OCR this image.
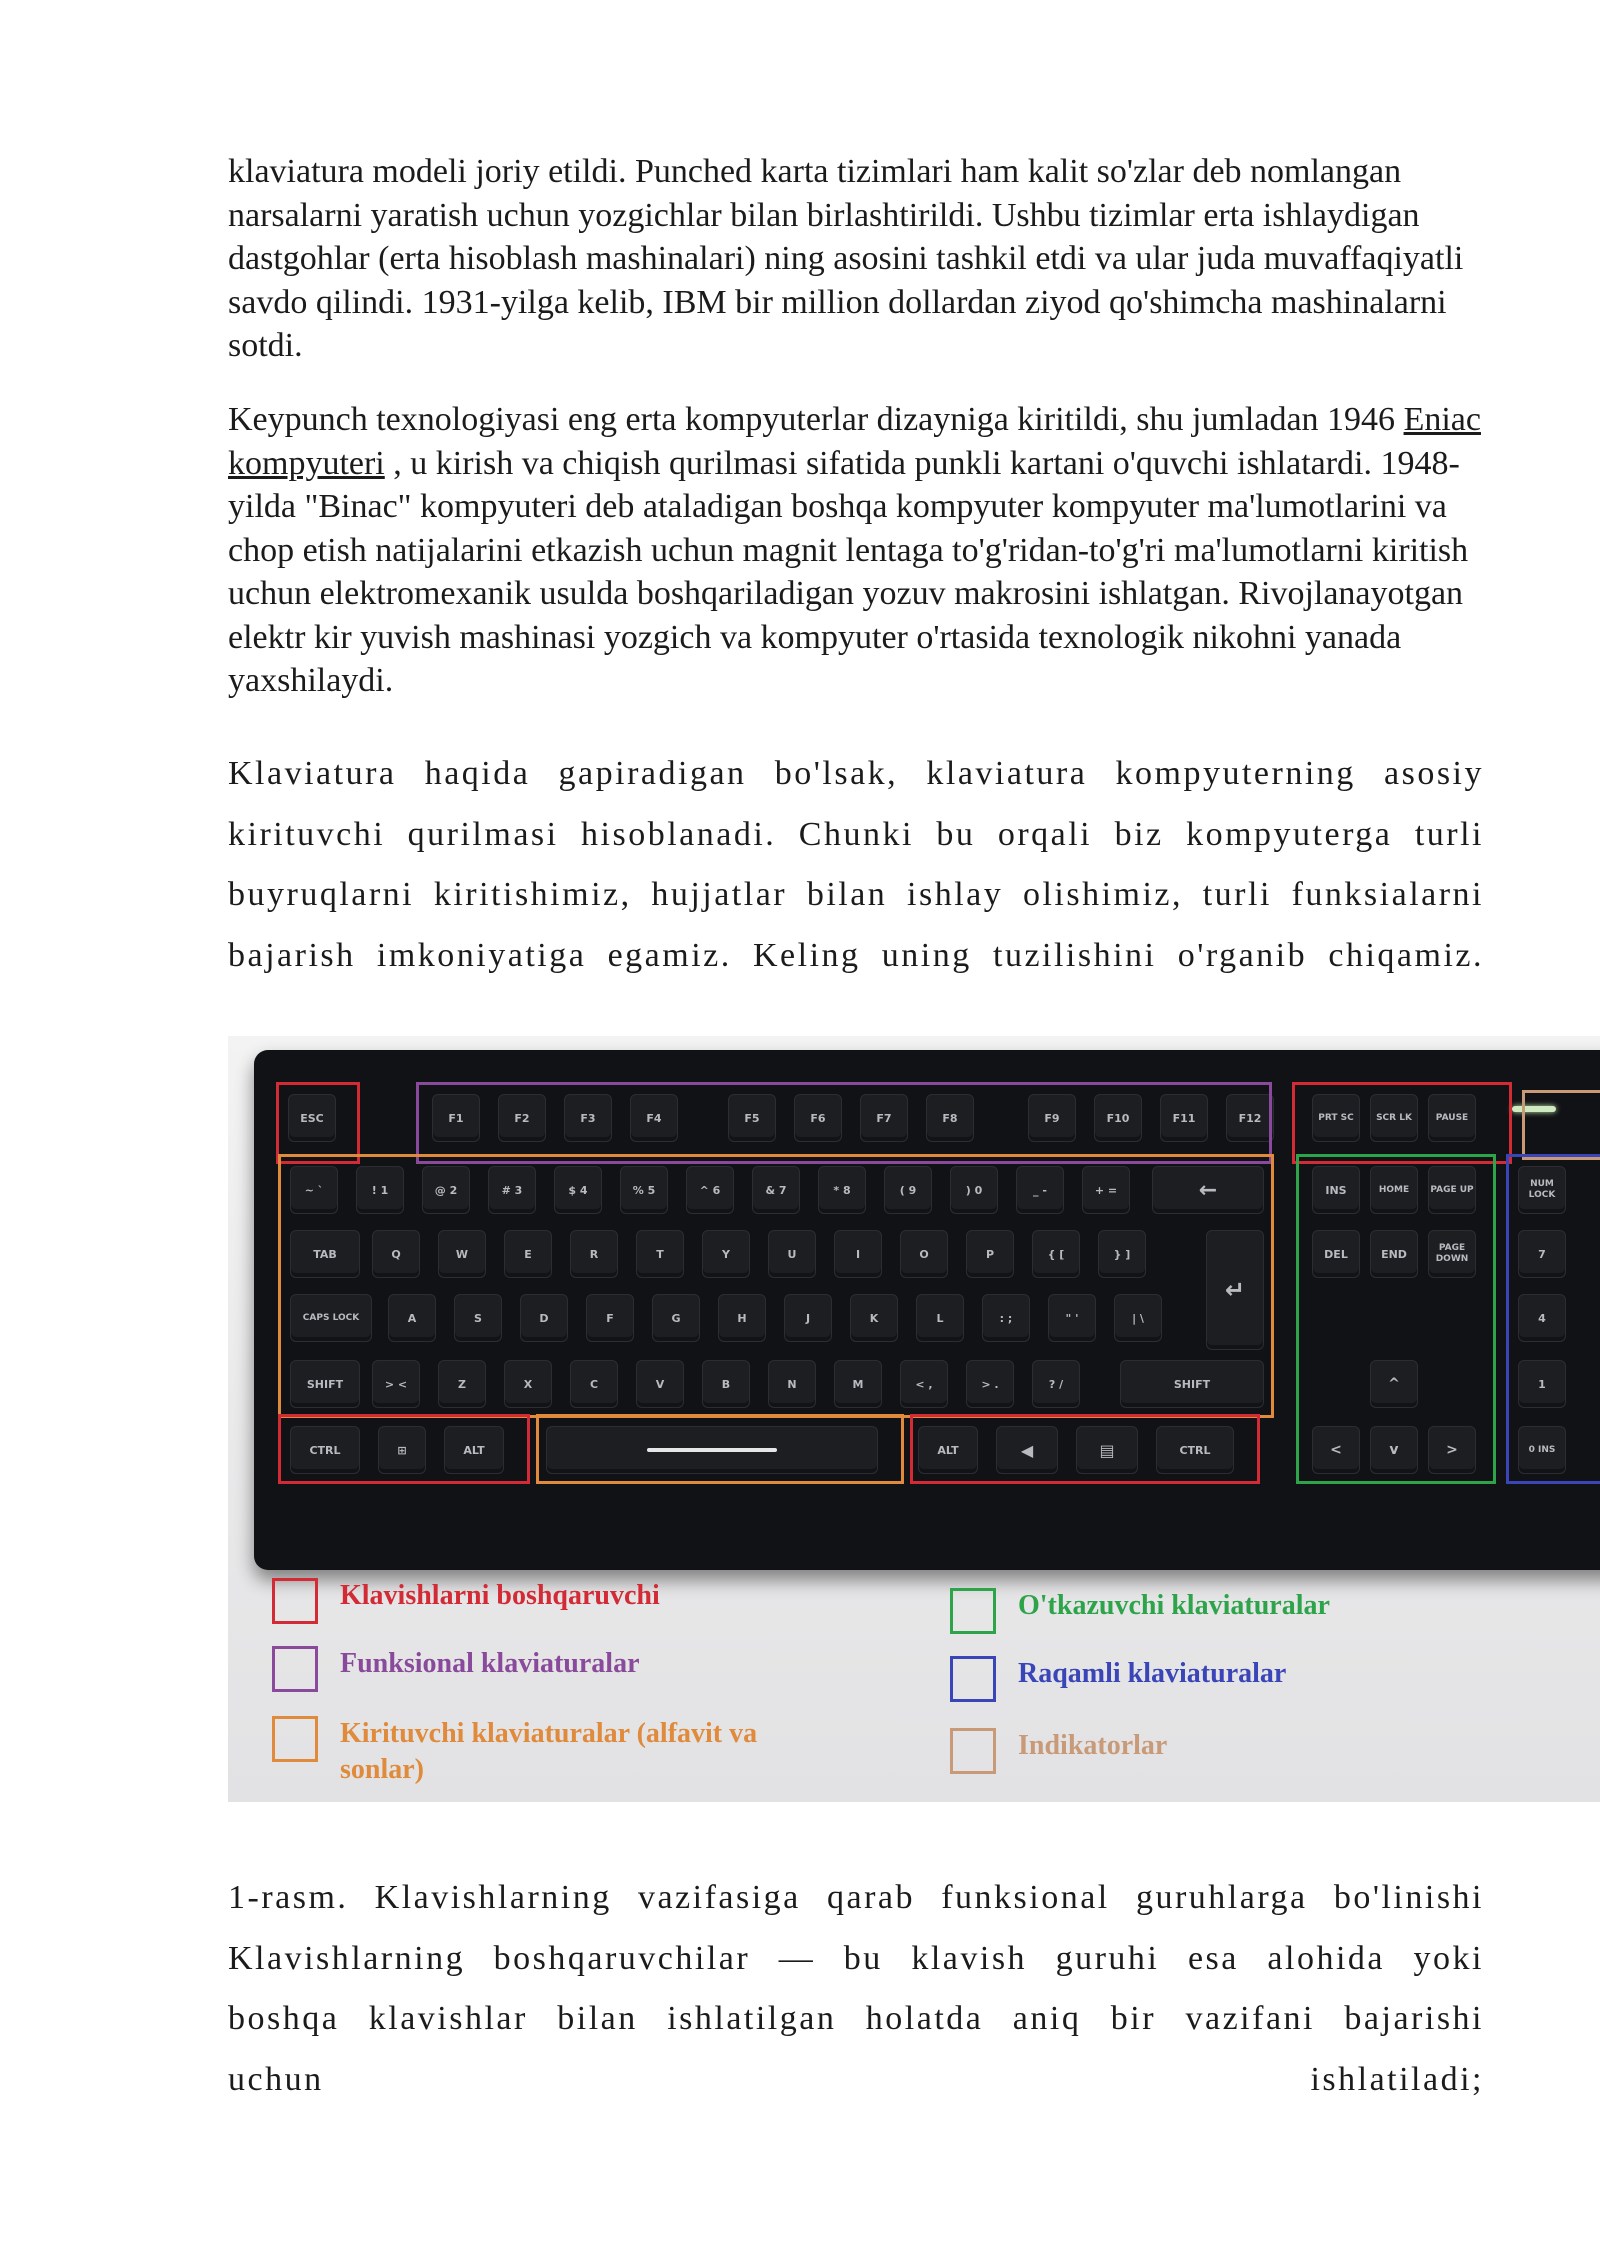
klaviatura modeli joriy etildi. Punched karta tizimlari ham kalit so'zlar deb nomlangan narsalarni yaratish uchun yozgichlar bilan birlashtirildi. Ushbu tizimlar erta ishlaydigan dastgohlar (erta hisoblash mashinalari) ning asosini tashkil etdi va ular juda muvaffaqiyatli savdo qilindi. 1931-yilga kelib, IBM bir million dollardan ziyod qo'shimcha mashinalarni sotdi.

Keypunch texnologiyasi eng erta kompyuterlar dizayniga kiritildi, shu jumladan 1946 Eniac kompyuteri , u kirish va chiqish qurilmasi sifatida punkli kartani o'quvchi ishlatardi. 1948-yilda "Binac" kompyuteri deb ataladigan boshqa kompyuter kompyuter ma'lumotlarini va chop etish natijalarini etkazish uchun magnit lentaga to'g'ridan-to'g'ri ma'lumotlarni kiritish uchun elektromexanik usulda boshqariladigan yozuv makrosini ishlatgan. Rivojlanayotgan elektr kir yuvish mashinasi yozgich va kompyuter o'rtasida texnologik nikohni yanada yaxshilaydi.

Klaviatura haqida gapiradigan bo'lsak, klaviatura kompyuterning asosiy kirituvchi qurilmasi hisoblanadi. Chunki bu orqali biz kompyuterga turli buyruqlarni kiritishimiz, hujjatlar bilan ishlay olishimiz, turli funksialarni bajarish imkoniyatiga egamiz. Keling uning tuzilishini o'rganib chiqamiz.

ESC	F1	F2	F3	F4	F5	F6	F7	F8	F9	F10	F11	F12	PRT SC	SCR LK	PAUSE
~ `	! 1	@ 2	# 3	$ 4	% 5	^ 6	& 7	* 8	( 9	) 0	_ -	+ =	←
TAB	Q	W	E	R	T	Y	U	I	O	P	{ [	} ]
↵
CAPS LOCK	A	S	D	F	G	H	J	K	L	: ;	" '	| \
SHIFT	> <	Z	X	C	V	B	N	M	< ,	> .	? /	SHIFT
CTRL	⊞	ALT	ALT	◀	▤	CTRL
INS	HOME	PAGE UP
DEL	END	PAGE DOWN
^
<	v	>
NUM LOCK
7
4
1
0 INS
Klavishlarni boshqaruvchi
Funksional klaviaturalar
Kirituvchi klaviaturalar (alfavit va sonlar)
O'tkazuvchi klaviaturalar
Raqamli klaviaturalar
Indikatorlar

1-rasm. Klavishlarning vazifasiga qarab funksional guruhlarga bo'linishi Klavishlarning boshqaruvchilar — bu klavish guruhi esa alohida yoki boshqa klavishlar bilan ishlatilgan holatda aniq bir vazifani bajarishi uchun ishlatiladi;
